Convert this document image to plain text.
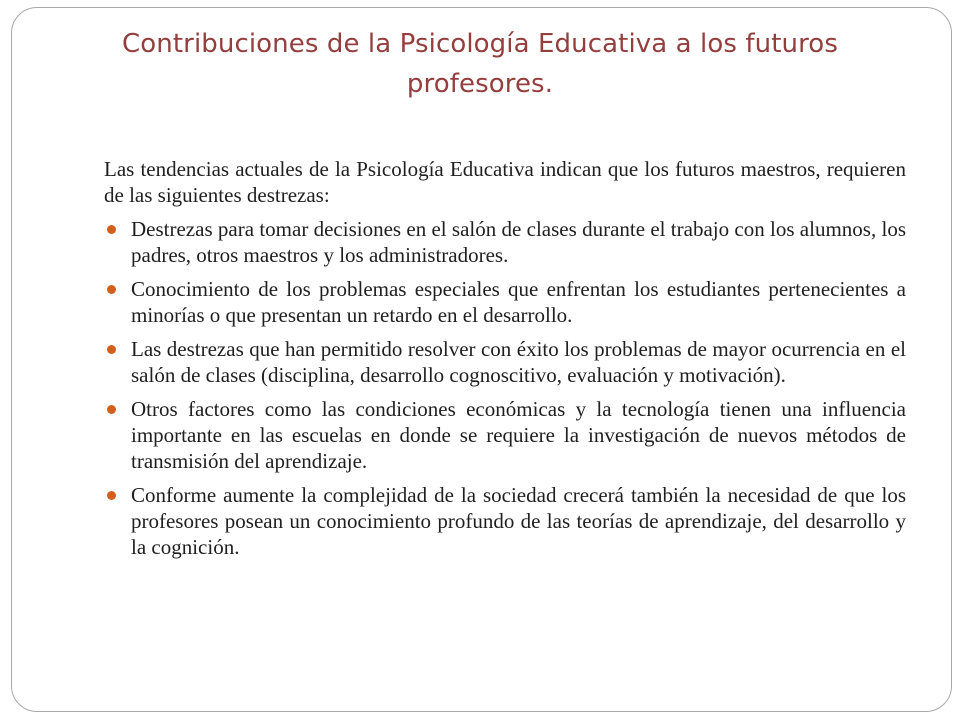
Contribuciones de la Psicología Educativa a los futuros profesores.

Las tendencias actuales de la Psicología Educativa indican que los futuros maestros, requieren de las siguientes destrezas:

Destrezas para tomar decisiones en el salón de clases durante el trabajo con los alumnos, los padres, otros maestros y los administradores.
Conocimiento de los problemas especiales que enfrentan los estudiantes pertenecientes a minorías o que presentan un retardo en el desarrollo.
Las destrezas que han permitido resolver con éxito los problemas de mayor ocurrencia en el salón de clases (disciplina, desarrollo cognoscitivo, evaluación y motivación).
Otros factores como las condiciones económicas y la tecnología tienen una influencia importante en las escuelas en donde se requiere la investigación de nuevos métodos de transmisión del aprendizaje.
Conforme aumente la complejidad de la sociedad crecerá también la necesidad de que los profesores posean un conocimiento profundo de las teorías de aprendizaje, del desarrollo y la cognición.
